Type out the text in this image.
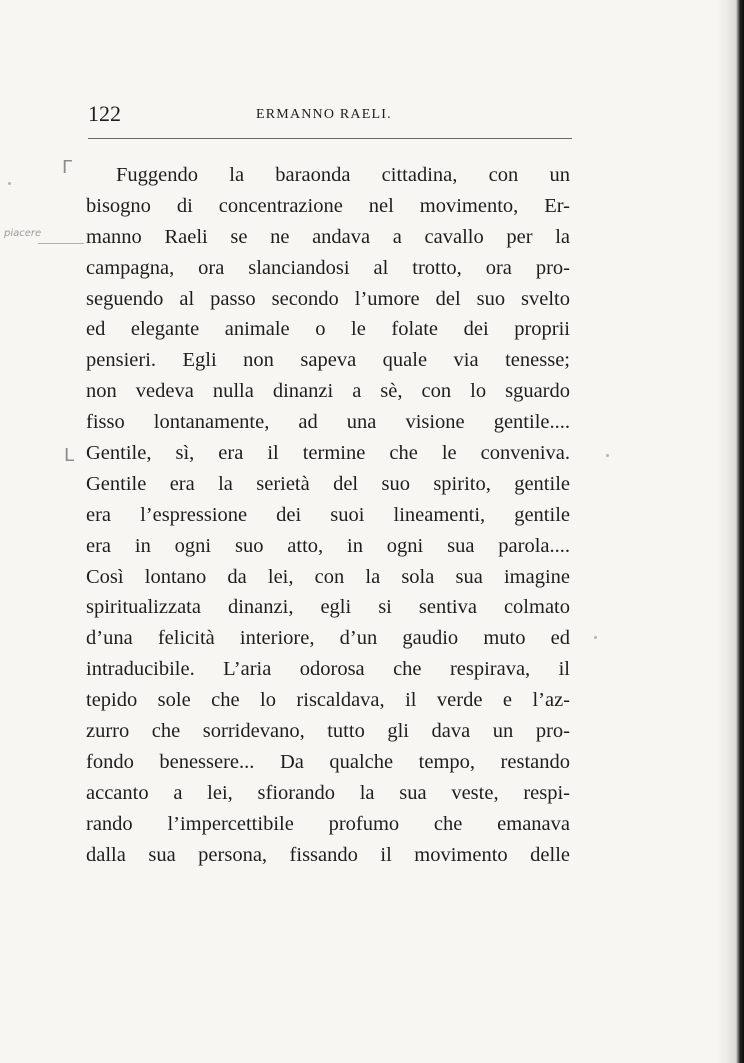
122	ERMANNO RAELI.
Γ
piacere
L
Fuggendo la baraonda cittadina, con un
bisogno di concentrazione nel movimento, Er-
manno Raeli se ne andava a cavallo per la
campagna, ora slanciandosi al trotto, ora pro-
seguendo al passo secondo l’umore del suo svelto
ed elegante animale o le folate dei proprii
pensieri. Egli non sapeva quale via tenesse;
non vedeva nulla dinanzi a sè, con lo sguardo
fisso lontanamente, ad una visione gentile....
Gentile, sì, era il termine che le conveniva.
Gentile era la serietà del suo spirito, gentile
era l’espressione dei suoi lineamenti, gentile
era in ogni suo atto, in ogni sua parola....
Così lontano da lei, con la sola sua imagine
spiritualizzata dinanzi, egli si sentiva colmato
d’una felicità interiore, d’un gaudio muto ed
intraducibile. L’aria odorosa che respirava, il
tepido sole che lo riscaldava, il verde e l’az-
zurro che sorridevano, tutto gli dava un pro-
fondo benessere... Da qualche tempo, restando
accanto a lei, sfiorando la sua veste, respi-
rando l’impercettibile profumo che emanava
dalla sua persona, fissando il movimento delle
